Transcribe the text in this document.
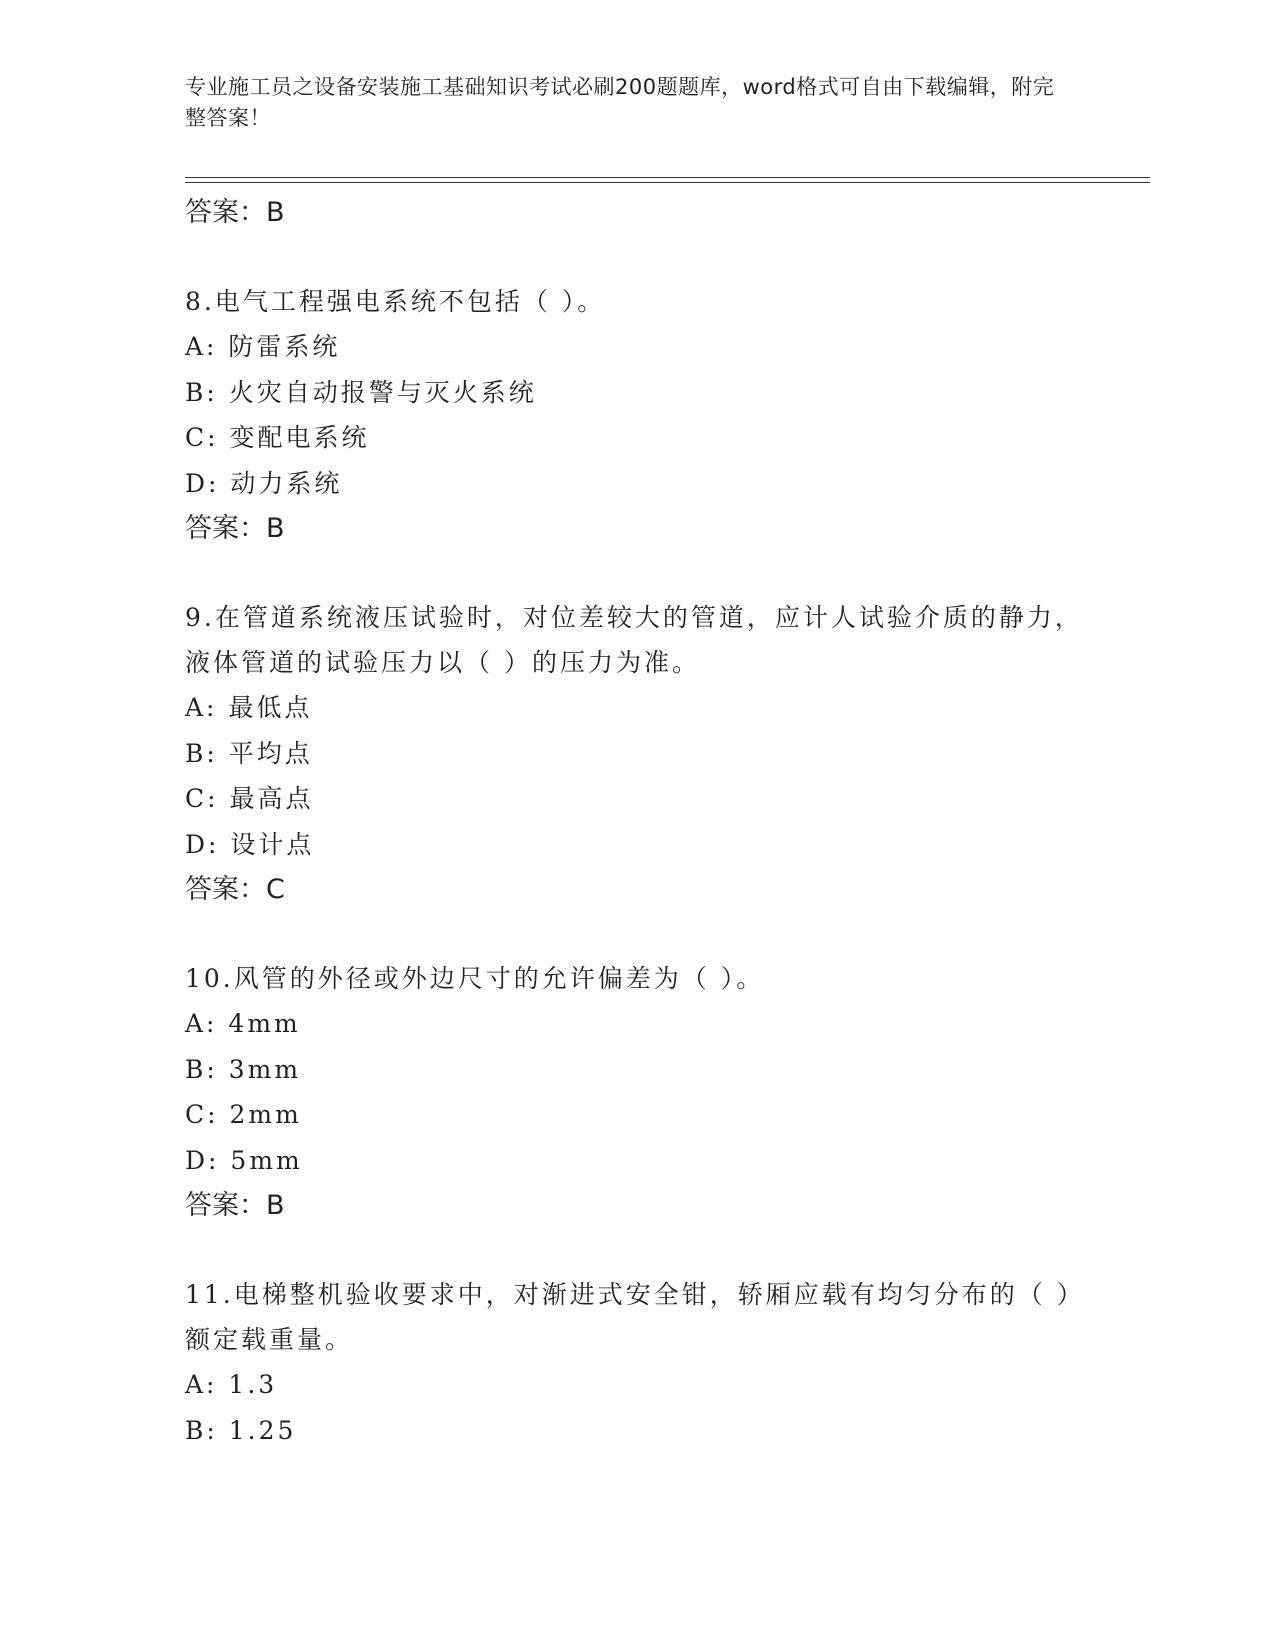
专业施工员之设备安装施工基础知识考试必刷200题题库，word格式可自由下载编辑，附完整答案！
答案：B
8.电气工程强电系统不包括（ ）。
A: 防雷系统
B: 火灾自动报警与灭火系统
C: 变配电系统
D: 动力系统
答案：B
9.在管道系统液压试验时，对位差较大的管道，应计人试验介质的静力，液体管道的试验压力以（ ）的压力为准。
A: 最低点
B: 平均点
C: 最高点
D: 设计点
答案：C
10.风管的外径或外边尺寸的允许偏差为（ ）。
A: 4mm
B: 3mm
C: 2mm
D: 5mm
答案：B
11.电梯整机验收要求中，对渐进式安全钳，轿厢应载有均匀分布的（ ）额定载重量。
A: 1.3
B: 1.25
